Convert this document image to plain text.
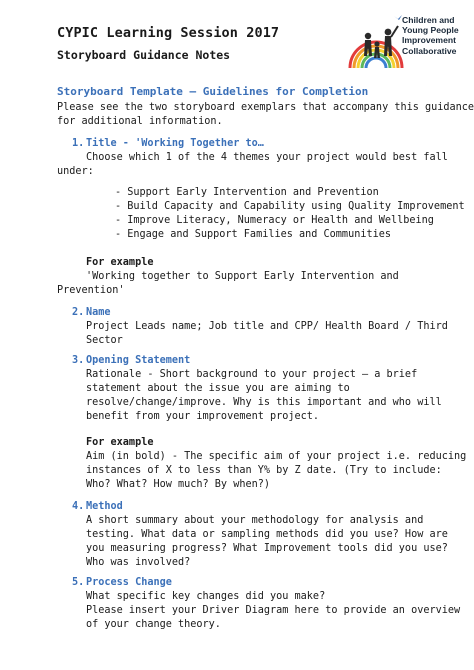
CYPIC Learning Session 2017
Storyboard Guidance Notes
Children and
Young People
Improvement
Collaborative
Storyboard Template – Guidelines for Completion
Please see the two storyboard exemplars that accompany this guidance
for additional information.
1. Title - 'Working Together to…
Choose which 1 of the 4 themes your project would best fall
under:
- Support Early Intervention and Prevention
- Build Capacity and Capability using Quality Improvement
- Improve Literacy, Numeracy or Health and Wellbeing
- Engage and Support Families and Communities
For example
'Working together to Support Early Intervention and
Prevention'
2. Name
Project Leads name; Job title and CPP/ Health Board / Third
Sector
3. Opening Statement
Rationale - Short background to your project – a brief
statement about the issue you are aiming to
resolve/change/improve. Why is this important and who will
benefit from your improvement project.
For example
Aim (in bold) - The specific aim of your project i.e. reducing
instances of X to less than Y% by Z date. (Try to include:
Who? What? How much? By when?)
4. Method
A short summary about your methodology for analysis and
testing. What data or sampling methods did you use? How are
you measuring progress? What Improvement tools did you use?
Who was involved?
5. Process Change
What specific key changes did you make?
Please insert your Driver Diagram here to provide an overview
of your change theory.
